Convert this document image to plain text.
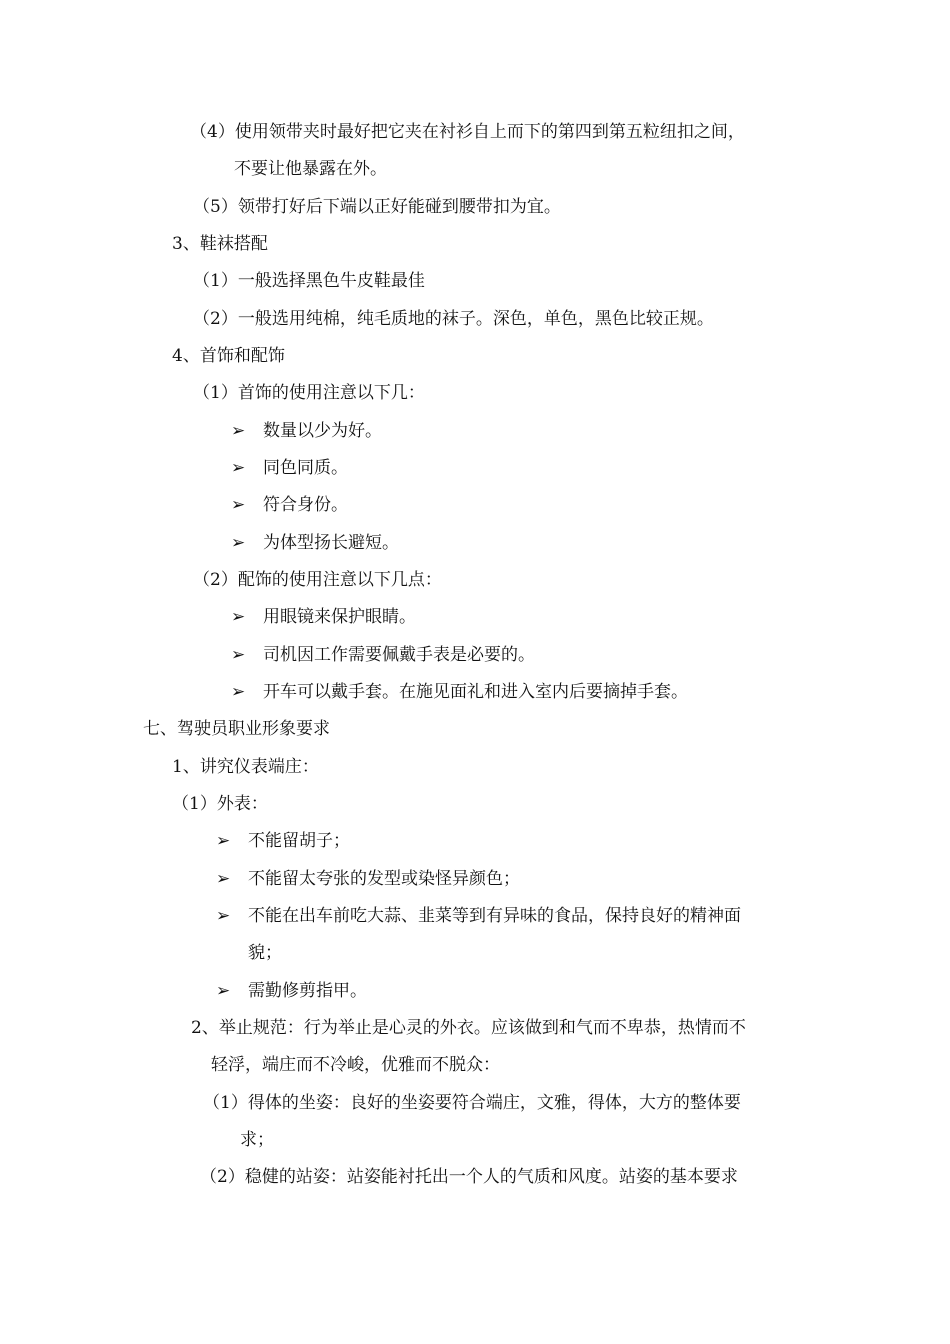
（4）使用领带夹时最好把它夹在衬衫自上而下的第四到第五粒纽扣之间，
不要让他暴露在外。
（5）领带打好后下端以正好能碰到腰带扣为宜。
3、鞋袜搭配
（1）一般选择黑色牛皮鞋最佳
（2）一般选用纯棉，纯毛质地的袜子。深色，单色，黑色比较正规。
4、首饰和配饰
（1）首饰的使用注意以下几：
➢ 数量以少为好。
➢ 同色同质。
➢ 符合身份。
➢ 为体型扬长避短。
（2）配饰的使用注意以下几点：
➢ 用眼镜来保护眼睛。
➢ 司机因工作需要佩戴手表是必要的。
➢ 开车可以戴手套。在施见面礼和进入室内后要摘掉手套。
七、驾驶员职业形象要求
1、讲究仪表端庄：
（1）外表：
➢ 不能留胡子；
➢ 不能留太夸张的发型或染怪异颜色；
➢ 不能在出车前吃大蒜、韭菜等到有异味的食品，保持良好的精神面
貌；
➢ 需勤修剪指甲。
2、举止规范：行为举止是心灵的外衣。应该做到和气而不卑恭，热情而不
轻浮，端庄而不冷峻，优雅而不脱众：
（1）得体的坐姿：良好的坐姿要符合端庄，文雅，得体，大方的整体要
求；
（2）稳健的站姿：站姿能衬托出一个人的气质和风度。站姿的基本要求
